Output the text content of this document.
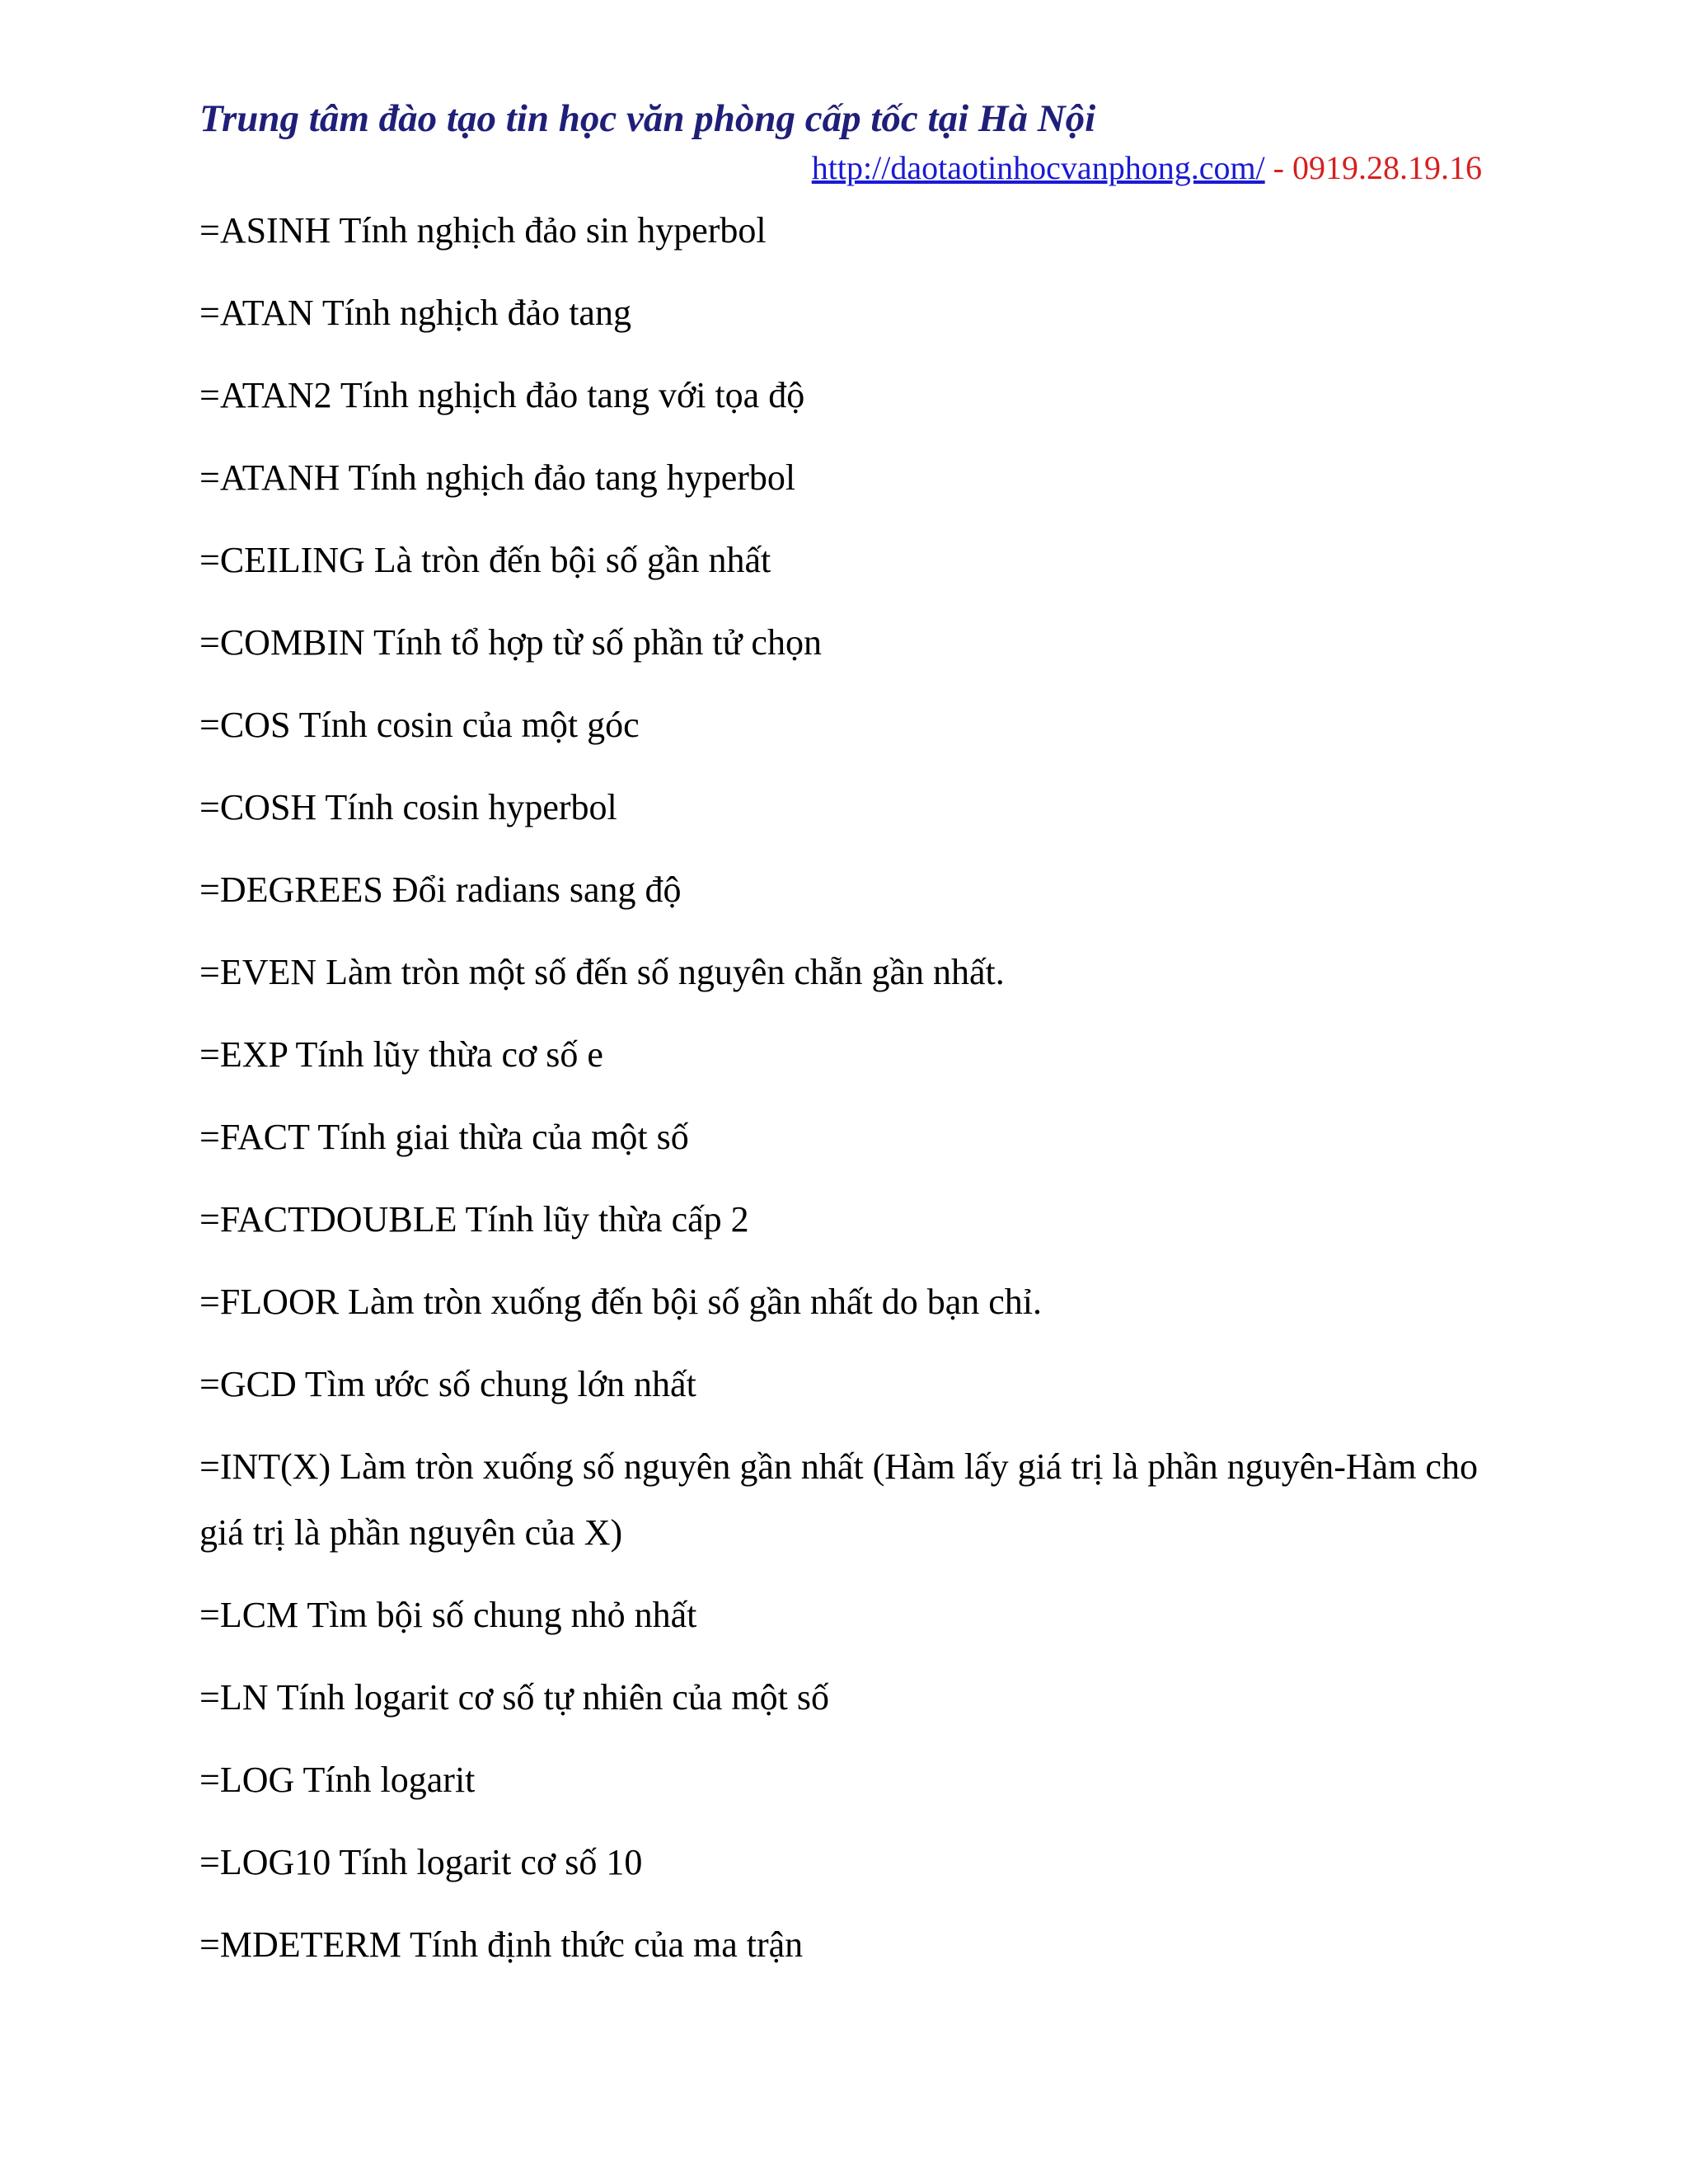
Trung tâm đào tạo tin học văn phòng cấp tốc tại Hà Nội
http://daotaotinhocvanphong.com/ - 0919.28.19.16

=ASINH Tính nghịch đảo sin hyperbol

=ATAN Tính nghịch đảo tang

=ATAN2 Tính nghịch đảo tang với tọa độ

=ATANH Tính nghịch đảo tang hyperbol

=CEILING Là tròn đến bội số gần nhất

=COMBIN Tính tổ hợp từ số phần tử chọn

=COS Tính cosin của một góc

=COSH Tính cosin hyperbol

=DEGREES Đổi radians sang độ

=EVEN Làm tròn một số đến số nguyên chẵn gần nhất.

=EXP Tính lũy thừa cơ số e

=FACT Tính giai thừa của một số

=FACTDOUBLE Tính lũy thừa cấp 2

=FLOOR Làm tròn xuống đến bội số gần nhất do bạn chỉ.

=GCD Tìm ước số chung lớn nhất

=INT(X) Làm tròn xuống số nguyên gần nhất (Hàm lấy giá trị là phần nguyên-Hàm cho giá trị là phần nguyên của X)

=LCM Tìm bội số chung nhỏ nhất

=LN Tính logarit cơ số tự nhiên của một số

=LOG Tính logarit

=LOG10 Tính logarit cơ số 10

=MDETERM Tính định thức của ma trận
